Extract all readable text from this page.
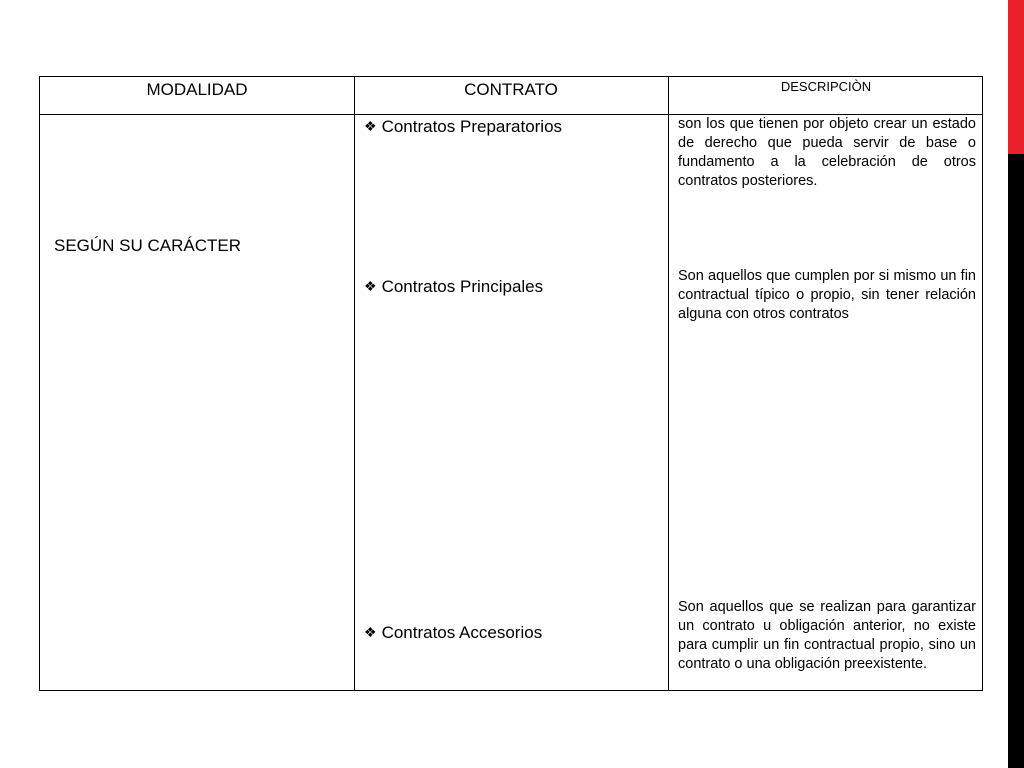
MODALIDAD	CONTRATO	DESCRIPCIÒN
SEGÚN SU CARÁCTER
❖ Contratos Preparatorios
❖ Contratos Principales
❖ Contratos Accesorios
son los que tienen por objeto crear un estado de derecho que pueda servir de base o fundamento a la celebración de otros contratos posteriores.
Son aquellos que cumplen por si mismo un fin contractual típico o propio, sin tener relación alguna con otros contratos
Son aquellos que se realizan para garantizar un contrato u obligación anterior, no existe para cumplir un fin contractual propio, sino un contrato o una obligación preexistente.
